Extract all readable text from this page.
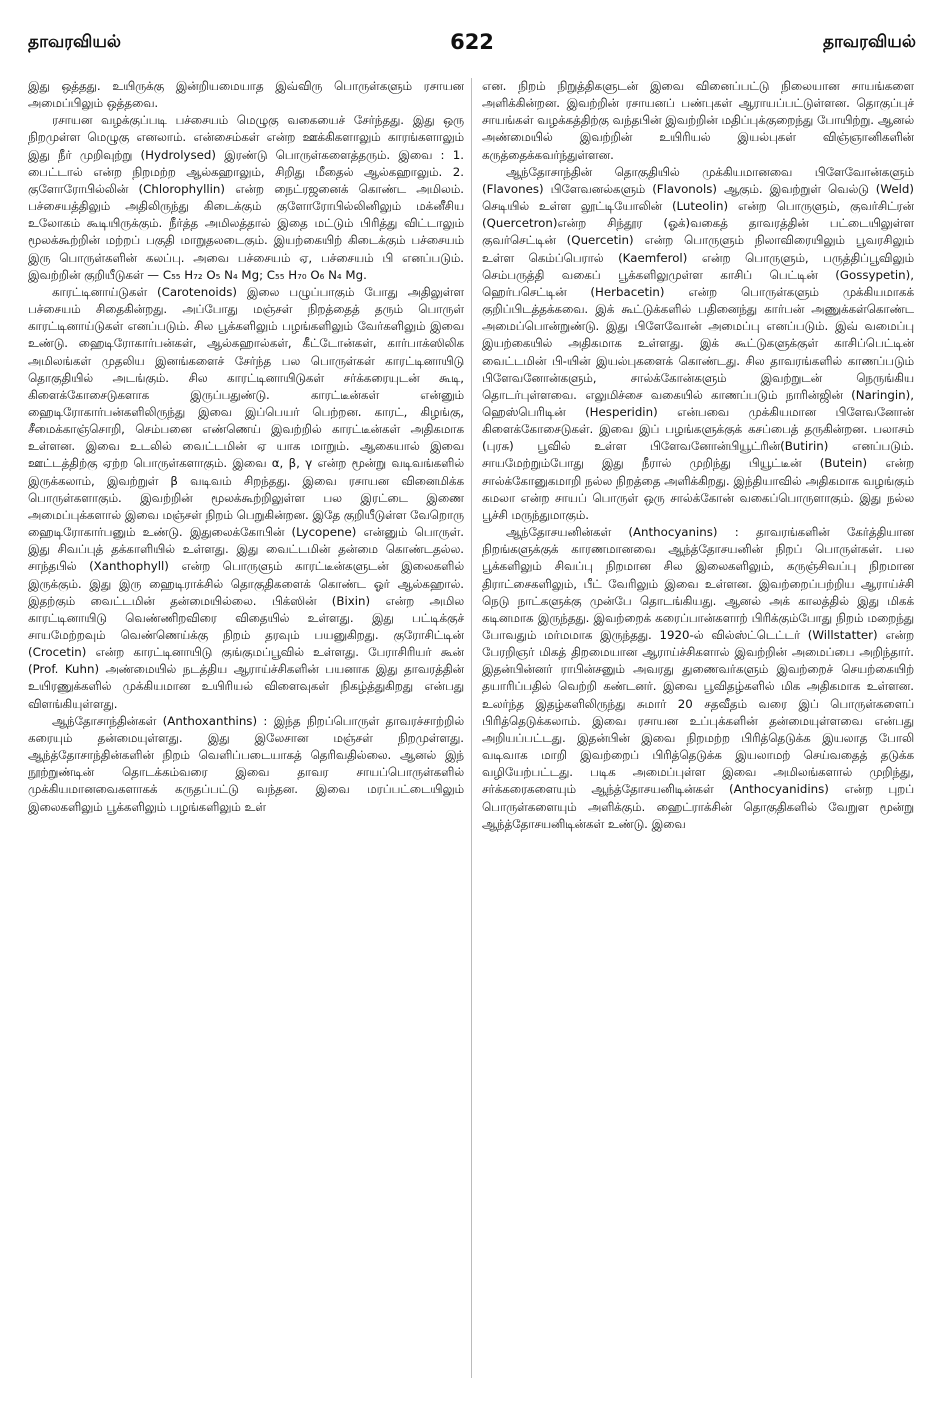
தாவரவியல்	622	தாவரவியல்

இது ஒத்தது. உயிருக்கு இன்றியமையாத இவ்விரு பொருள்களும் ரசாயன அமைப்பிலும் ஒத்தவை.

ரசாயன வழக்குப்படி பச்சையம் மெழுகு வகையைச் சேர்ந்தது. இது ஒரு நிறமுள்ள மெழுகு எனலாம். என்சைம்கள் என்ற ஊக்கிகளாலும் காரங்களாலும் இது நீர் முறிவுற்று (Hydrolysed) இரண்டு பொருள்களைத்தரும். இவை : 1. பைட்டால் என்ற நிறமற்ற ஆல்கஹாலும், சிறிது மீதைல் ஆல்கஹாலும். 2. குளோரோபில்லின் (Chlorophyllin) என்ற நைட்ரஜனைக் கொண்ட அமிலம். பச்சையத்திலும் அதிலிருந்து கிடைக்கும் குளோரோபில்லினிலும் மக்னீசிய உலோகம் கூடியிருக்கும். நீர்த்த அமிலத்தால் இதை மட்டும் பிரித்து விட்டாலும் மூலக்கூற்றின் மற்றப் பகுதி மாறுதலடைகும். இயற்கையிற் கிடைக்கும் பச்சையம் இரு பொருள்களின் கலப்பு. அவை பச்சையம் ஏ, பச்சையம் பி எனப்படும். இவற்றின் குறியீடுகள் — C₅₅ H₇₂ O₅ N₄ Mg; C₅₅ H₇₀ O₆ N₄ Mg.

காரட்டினாய்டுகள் (Carotenoids) இலை பழுப்பாகும் போது அதிலுள்ள பச்சையம் சிதைகின்றது. அப்போது மஞ்சள் நிறத்தைத் தரும் பொருள் காரட்டினாய்டுகள் எனப்படும். சில பூக்களிலும் பழங்களிலும் வேர்களிலும் இவை உண்டு. ஹைடிரோகார்பன்கள், ஆல்கஹால்கள், கீட்டோன்கள், கார்பாக்ஸிலிக அமிலங்கள் முதலிய இனங்களைச் சேர்ந்த பல பொருள்கள் காரட்டினாயிடு தொகுதியில் அடங்கும். சில காரட்டினாயிடுகள் சர்க்கரையுடன் கூடி, கிளைக்கோசைடுகளாக இருப்பதுண்டு. காரட்டீன்கள் என்னும் ஹைடிரோகார்பன்களிலிருந்து இவை இப்பெயர் பெற்றன. காரட், கிழங்கு, சீமைக்காஞ்சொறி, செம்பனை எண்ணெய் இவற்றில் காரட்டீன்கள் அதிகமாக உள்ளன. இவை உடலில் வைட்டமின் ஏ யாக மாறும். ஆகையால் இவை ஊட்டத்திற்கு ஏற்ற பொருள்களாகும். இவை α, β, γ என்ற மூன்று வடிவங்களில் இருக்கலாம், இவற்றுள் β வடிவம் சிறந்தது. இவை ரசாயன வினைமிக்க பொருள்களாகும். இவற்றின் மூலக்கூற்றிலுள்ள பல இரட்டை இணை அமைப்புக்களால் இவை மஞ்சள் நிறம் பெறுகின்றன. இதே குறியீடுள்ள வேறொரு ஹைடிரோகார்பனும் உண்டு. இதுலைக்கோபின் (Lycopene) என்னும் பொருள். இது சிவப்புத் தக்காளியில் உள்ளது. இது வைட்டமின் தன்மை கொண்டதல்ல. சாந்தபில் (Xanthophyll) என்ற பொருளும் காரட்டீன்களுடன் இலைகளில் இருக்கும். இது இரு ஹைடிராக்சில் தொகுதிகளைக் கொண்ட ஓர் ஆல்கஹால். இதற்கும் வைட்டமின் தன்மையில்லை. பிக்ஸின் (Bixin) என்ற அமில காரட்டினாயிடு வெண்ணிறவிரை விதையில் உள்ளது. இது பட்டிக்குச் சாயமேற்றவும் வெண்ணெய்க்கு நிறம் தரவும் பயனுகிறது. குரோசிட்டின் (Crocetin) என்ற காரட்டினாயிடு குங்குமப்பூவில் உள்ளது. பேராசிரியர் கூன் (Prof. Kuhn) அண்மையில் நடத்திய ஆராய்ச்சிகளின் பயனாக இது தாவரத்தின் உயிரணுக்களில் முக்கியமான உயிரியல் விளைவுகள் நிகழ்த்துகிறது என்பது விளங்கியுள்ளது.

ஆந்தோசாந்தின்கள் (Anthoxanthins) : இந்த நிறப்பொருள் தாவரச்சாற்றில் கரையும் தன்மையுள்ளது. இது இலேசான மஞ்சள் நிறமுள்ளது. ஆந்த்தோசாந்தின்களின் நிறம் வெளிப்படையாகத் தெரிவதில்லை. ஆனல் இந் நூற்றுண்டின் தொடக்கம்வரை இவை தாவர சாயப்பொருள்களில் முக்கியமானவைகளாகக் கருதப்பட்டு வந்தன. இவை மரப்பட்டையிலும் இலைகளிலும் பூக்களிலும் பழங்களிலும் உள்

என. நிறம் நிறுத்திகளுடன் இவை வினைப்பட்டு நிலையான சாயங்களை அளிக்கின்றன. இவற்றின் ரசாயனப் பண்புகள் ஆராயப்பட்டுள்ளன. தொகுப்புச் சாயங்கள் வழக்கத்திற்கு வந்தபின் இவற்றின் மதிப்புக்குறைந்து போயிற்று. ஆனல் அண்மையில் இவற்றின் உயிரியல் இயல்புகள் விஞ்ஞானிகளின் கருத்தைக்கவர்ந்துள்ளன.

ஆந்தோசாந்தின் தொகுதியில் முக்கியமானவை பிளேவோன்களும் (Flavones) பிளேவனல்களும் (Flavonols) ஆகும். இவற்றுள் வெல்டு (Weld) செடியில் உள்ள லூட்டியோலின் (Luteolin) என்ற பொருளும், குவர்சிட்ரன் (Quercetron)என்ற சிந்தூர (ஓக்)வகைத் தாவரத்தின் பட்டையிலுள்ள குவர்செட்டின் (Quercetin) என்ற பொருளும் நிலாவிரையிலும் பூவரசிலும் உள்ள கெம்ப்பெரால் (Kaemferol) என்ற பொருளும், பருத்திப்பூவிலும் செம்பருத்தி வகைப் பூக்களிலுமுள்ள காசிப் பெட்டின் (Gossypetin), ஹெர்பசெட்டின் (Herbacetin) என்ற பொருள்களும் முக்கியமாகக் குறிப்பிடத்தக்கவை. இக் கூட்டுக்களில் பதினைந்து கார்பன் அணுக்கள்கொண்ட அமைப்பொன்றுண்டு. இது பிளேவோன் அமைப்பு எனப்படும். இவ் வமைப்பு இயற்கையில் அதிகமாக உள்ளது. இக் கூட்டுகளுக்குள் காசிப்பெட்டின் வைட்டமின் பி-யின் இயல்புகளைக் கொண்டது. சில தாவரங்களில் காணப்படும் பிளேவனோன்களும், சால்க்கோன்களும் இவற்றுடன் நெருங்கிய தொடர்புள்ளவை. எலுமிச்சை வகையில் காணப்படும் நாரின்ஜின் (Naringin), ஹெஸ்பெரிடின் (Hesperidin) என்பவை முக்கியமான பிளேவனோன் கிளைக்கோசைடுகள். இவை இப் பழங்களுக்குக் கசப்பைத் தருகின்றன. பலாசம் (புரசு) பூவில் உள்ள பிளேவனோன்பியூட்ரின்(Butirin) எனப்படும். சாயமேற்றும்போது இது நீரால் முறிந்து பியூட்டீன் (Butein) என்ற சால்க்கோனுகமாறி நல்ல நிறத்தை அளிக்கிறது. இந்தியாவில் அதிகமாக வழங்கும் கமலா என்ற சாயப் பொருள் ஒரு சால்க்கோன் வகைப்பொருளாகும். இது நல்ல பூச்சி மருந்துமாகும்.

ஆந்தோசயனின்கள் (Anthocyanins) : தாவரங்களின் கேர்த்தியான நிறங்களுக்குக் காரணமானவை ஆந்த்தோசயனின் நிறப் பொருள்கள். பல பூக்களிலும் சிவப்பு நிறமான சில இலைகளிலும், கருஞ்சிவப்பு நிறமான திராட்சைகளிலும், பீட் வேரிலும் இவை உள்ளன. இவற்றைப்பற்றிய ஆராய்ச்சி நெடு நாட்களுக்கு முன்பே தொடங்கியது. ஆனல் அக் காலத்தில் இது மிகக் கடினமாக இருந்தது. இவற்றைக் கரைப்பான்களாற் பிரிக்கும்போது நிறம் மறைந்து போவதும் மர்மமாக இருந்தது. 1920-ல் வில்ஸ்ட்டெட்டர் (Willstatter) என்ற பேரறிஞர் மிகத் திறமையான ஆராய்ச்சிகளால் இவற்றின் அமைப்பை அறிந்தார். இதன்பின்னர் ராபின்சனும் அவரது துணைவர்களும் இவற்றைச் செயற்கையிற் தயாரிப்பதில் வெற்றி கண்டனர். இவை பூவிதழ்களில் மிக அதிகமாக உள்ளன. உலர்ந்த இதழ்களிலிருந்து சுமார் 20 சதவீதம் வரை இப் பொருள்களைப் பிரித்தெடுக்கலாம். இவை ரசாயன உப்புக்களின் தன்மையுள்ளவை என்பது அறியப்பட்டது. இதன்பின் இவை நிறமற்ற பிரித்தெடுக்க இயலாத போலி வடிவாக மாறி இவற்றைப் பிரித்தெடுக்க இயலாமற் செய்வதைத் தடுக்க வழியேற்பட்டது. படிக அமைப்புள்ள இவை அமிலங்களால் முறிந்து, சர்க்கரைகளையும் ஆந்த்தோசயனிடின்கள் (Anthocyanidins) என்ற புறப் பொருள்களையும் அளிக்கும். ஹைட்ராக்சின் தொகுதிகளில் வேறுள மூன்று ஆந்த்தோசயனிடின்கள் உண்டு. இவை
